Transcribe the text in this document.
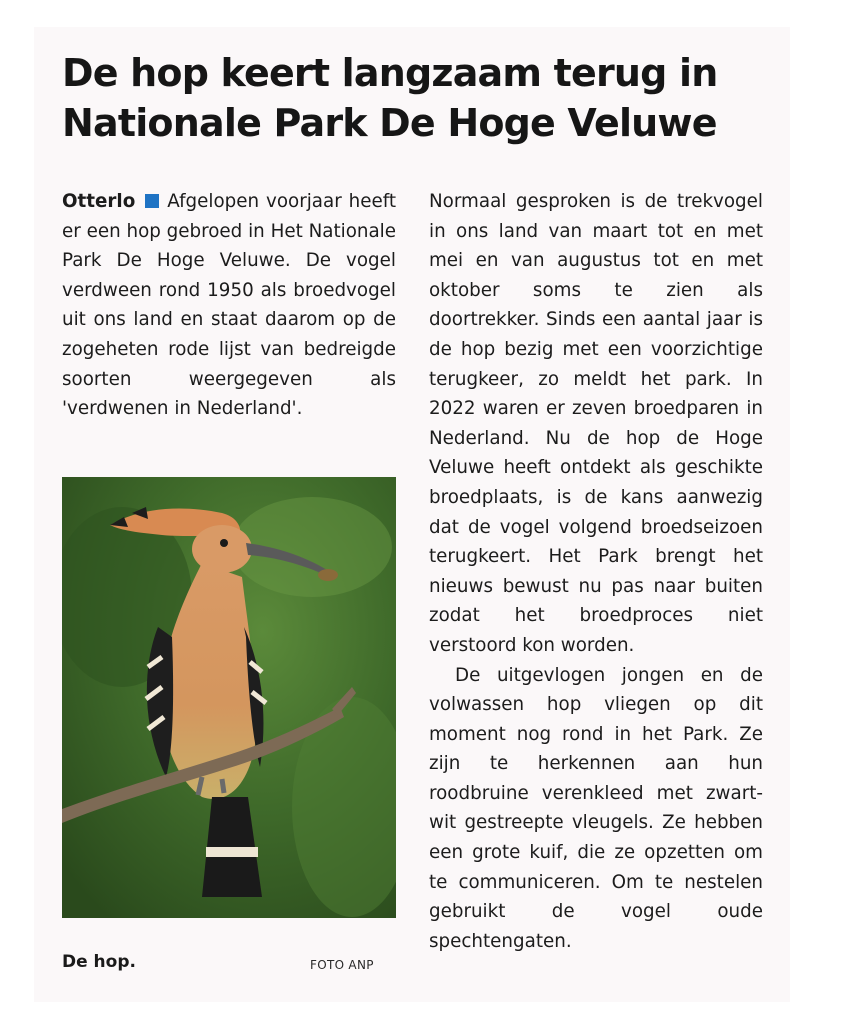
De hop keert langzaam terug in
Nationale Park De Hoge Veluwe

Otterlo Afgelopen voorjaar heeft er een hop gebroed in Het Nationale Park De Hoge Veluwe. De vogel verdween rond 1950 als broedvogel uit ons land en staat daarom op de zogeheten rode lijst van bedreigde soorten weergegeven als 'verdwenen in Nederland'.

De hop.	FOTO ANP

Normaal gesproken is de trekvogel in ons land van maart tot en met mei en van augustus tot en met oktober soms te zien als doortrekker. Sinds een aantal jaar is de hop bezig met een voorzichtige terugkeer, zo meldt het park. In 2022 waren er zeven broedparen in Nederland. Nu de hop de Hoge Veluwe heeft ontdekt als geschikte broedplaats, is de kans aanwezig dat de vogel volgend broedseizoen terugkeert. Het Park brengt het nieuws bewust nu pas naar buiten zodat het broedproces niet verstoord kon worden.

De uitgevlogen jongen en de volwassen hop vliegen op dit moment nog rond in het Park. Ze zijn te herkennen aan hun roodbruine verenkleed met zwart-wit gestreepte vleugels. Ze hebben een grote kuif, die ze opzetten om te communiceren. Om te nestelen gebruikt de vogel oude spechtengaten.
